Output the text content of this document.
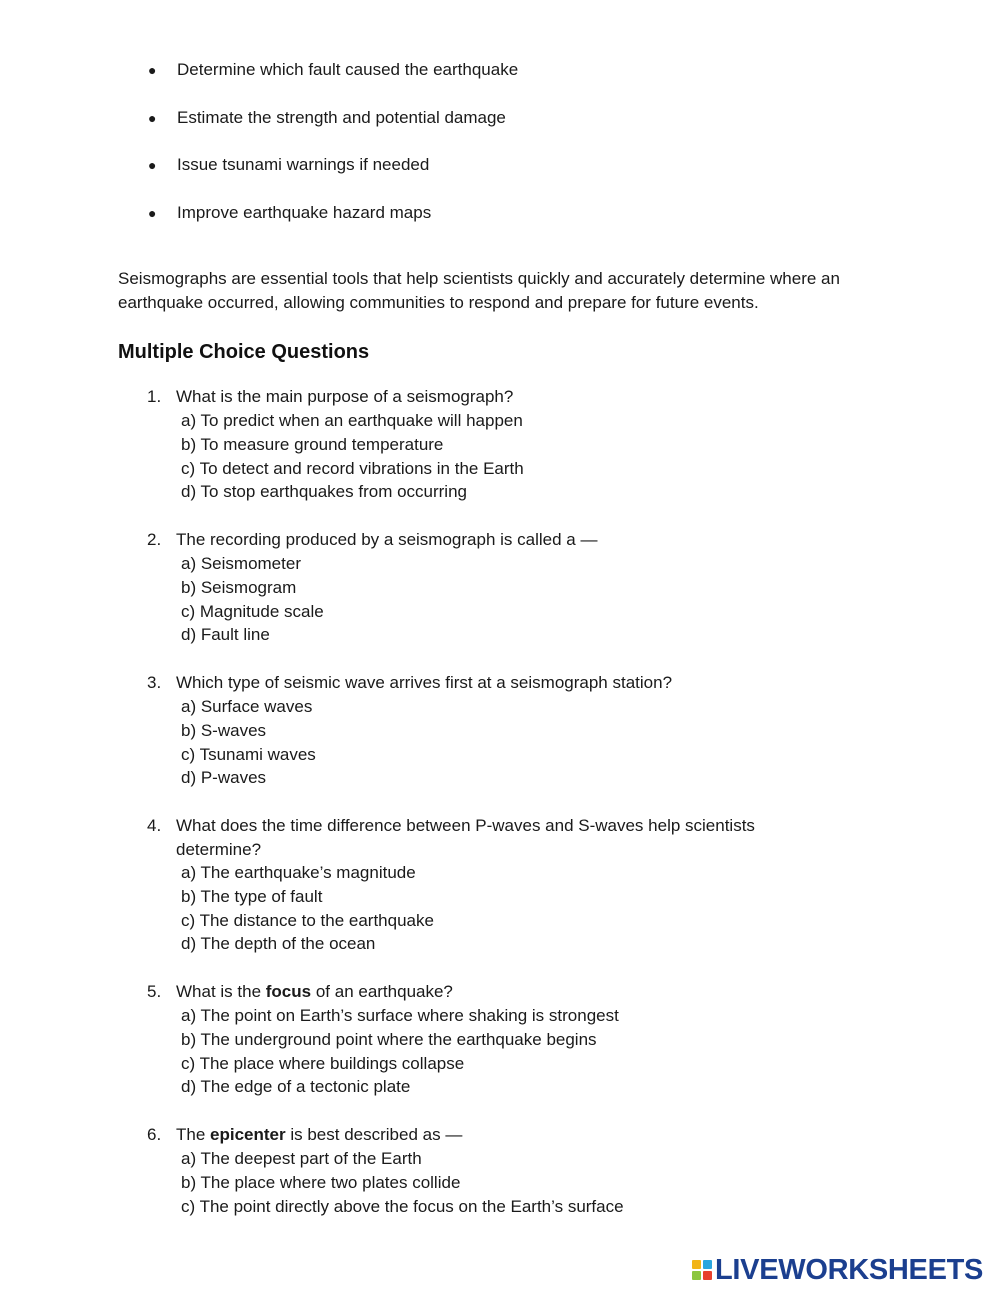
●	Determine which fault caused the earthquake
●	Estimate the strength and potential damage
●	Issue tsunami warnings if needed
●	Improve earthquake hazard maps

Seismographs are essential tools that help scientists quickly and accurately determine where an earthquake occurred, allowing communities to respond and prepare for future events.

Multiple Choice Questions
1. What is the main purpose of a seismograph?
a) To predict when an earthquake will happen
b) To measure ground temperature
c) To detect and record vibrations in the Earth
d) To stop earthquakes from occurring
2. The recording produced by a seismograph is called a —
a) Seismometer
b) Seismogram
c) Magnitude scale
d) Fault line
3. Which type of seismic wave arrives first at a seismograph station?
a) Surface waves
b) S-waves
c) Tsunami waves
d) P-waves
4. What does the time difference between P-waves and S-waves help scientists determine?
a) The earthquake’s magnitude
b) The type of fault
c) The distance to the earthquake
d) The depth of the ocean
5. What is the focus of an earthquake?
a) The point on Earth’s surface where shaking is strongest
b) The underground point where the earthquake begins
c) The place where buildings collapse
d) The edge of a tectonic plate
6. The epicenter is best described as —
a) The deepest part of the Earth
b) The place where two plates collide
c) The point directly above the focus on the Earth’s surface
LIVEWORKSHEETS
